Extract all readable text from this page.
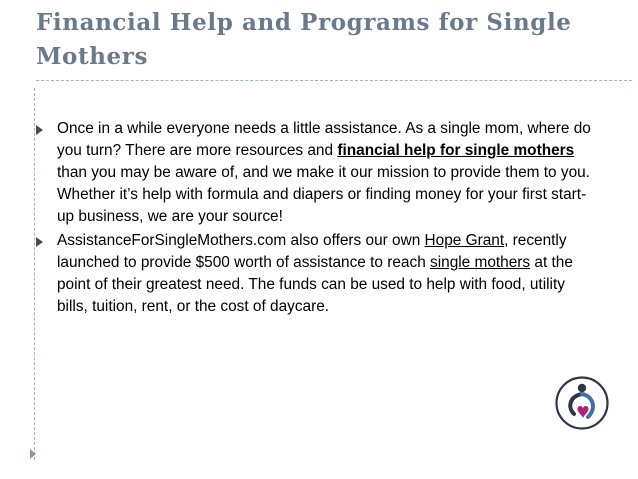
Financial Help and Programs for Single Mothers

Once in a while everyone needs a little assistance. As a single mom, where do you turn? There are more resources and financial help for single mothers than you may be aware of, and we make it our mission to provide them to you. Whether it’s help with formula and diapers or finding money for your first start-up business, we are your source!

AssistanceForSingleMothers.com also offers our own Hope Grant, recently launched to provide $500 worth of assistance to reach single mothers at the point of their greatest need. The funds can be used to help with food, utility bills, tuition, rent, or the cost of daycare.
